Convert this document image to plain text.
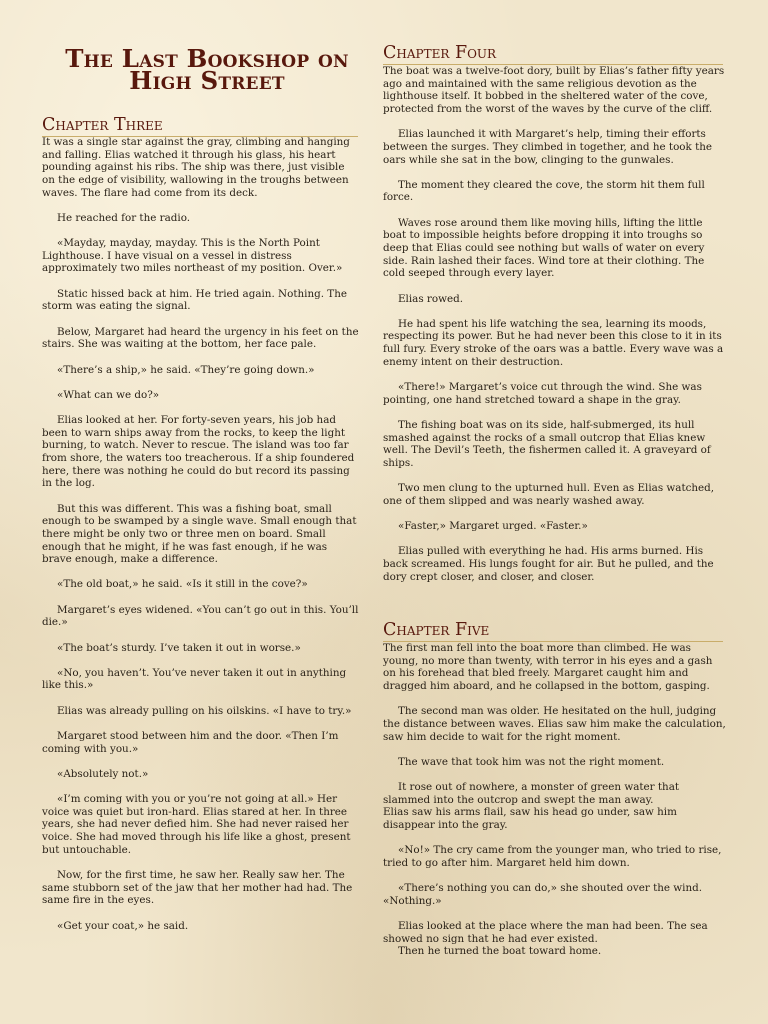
The Last Bookshop on
High Street
Chapter Three

It was a single star against the gray, climbing and hanging and falling. Elias watched it through his glass, his heart pounding against his ribs. The ship was there, just visible on the edge of visibility, wallowing in the troughs between waves. The flare had come from its deck.

He reached for the radio.

«Mayday, mayday, mayday. This is the North Point Lighthouse. I have visual on a vessel in distress approximately two miles northeast of my position. Over.»

Static hissed back at him. He tried again. Nothing. The storm was eating the signal.

Below, Margaret had heard the urgency in his feet on the stairs. She was waiting at the bottom, her face pale.

«There’s a ship,» he said. «They’re going down.»

«What can we do?»

Elias looked at her. For forty-seven years, his job had been to warn ships away from the rocks, to keep the light burning, to watch. Never to rescue. The island was too far from shore, the waters too treacherous. If a ship foundered here, there was nothing he could do but record its passing in the log.

But this was different. This was a fishing boat, small enough to be swamped by a single wave. Small enough that there might be only two or three men on board. Small enough that he might, if he was fast enough, if he was brave enough, make a difference.

«The old boat,» he said. «Is it still in the cove?»

Margaret’s eyes widened. «You can’t go out in this. You’ll die.»

«The boat’s sturdy. I’ve taken it out in worse.»

«No, you haven’t. You’ve never taken it out in anything like this.»

Elias was already pulling on his oilskins. «I have to try.»

Margaret stood between him and the door. «Then I’m coming with you.»

«Absolutely not.»

«I’m coming with you or you’re not going at all.» Her voice was quiet but iron-hard. Elias stared at her. In three years, she had never defied him. She had never raised her voice. She had moved through his life like a ghost, present but untouchable.

Now, for the first time, he saw her. Really saw her. The same stubborn set of the jaw that her mother had had. The same fire in the eyes.

«Get your coat,» he said.

Chapter Four

The boat was a twelve-foot dory, built by Elias’s father fifty years ago and maintained with the same religious devotion as the lighthouse itself. It bobbed in the sheltered water of the cove, protected from the worst of the waves by the curve of the cliff.

Elias launched it with Margaret’s help, timing their efforts between the surges. They climbed in together, and he took the oars while she sat in the bow, clinging to the gunwales.

The moment they cleared the cove, the storm hit them full force.

Waves rose around them like moving hills, lifting the little boat to impossible heights before dropping it into troughs so deep that Elias could see nothing but walls of water on every side. Rain lashed their faces. Wind tore at their clothing. The cold seeped through every layer.

Elias rowed.

He had spent his life watching the sea, learning its moods, respecting its power. But he had never been this close to it in its full fury. Every stroke of the oars was a battle. Every wave was a enemy intent on their destruction.

«There!» Margaret’s voice cut through the wind. She was pointing, one hand stretched toward a shape in the gray.

The fishing boat was on its side, half-submerged, its hull smashed against the rocks of a small outcrop that Elias knew well. The Devil’s Teeth, the fishermen called it. A graveyard of ships.

Two men clung to the upturned hull. Even as Elias watched, one of them slipped and was nearly washed away.

«Faster,» Margaret urged. «Faster.»

Elias pulled with everything he had. His arms burned. His back screamed. His lungs fought for air. But he pulled, and the dory crept closer, and closer, and closer.

Chapter Five

The first man fell into the boat more than climbed. He was young, no more than twenty, with terror in his eyes and a gash on his forehead that bled freely. Margaret caught him and dragged him aboard, and he collapsed in the bottom, gasping.

The second man was older. He hesitated on the hull, judging the distance between waves. Elias saw him make the calculation, saw him decide to wait for the right moment.

The wave that took him was not the right moment.

It rose out of nowhere, a monster of green water that slammed into the outcrop and swept the man away.

Elias saw his arms flail, saw his head go under, saw him disappear into the gray.

«No!» The cry came from the younger man, who tried to rise, tried to go after him. Margaret held him down.

«There’s nothing you can do,» she shouted over the wind. «Nothing.»

Elias looked at the place where the man had been. The sea showed no sign that he had ever existed.

Then he turned the boat toward home.
